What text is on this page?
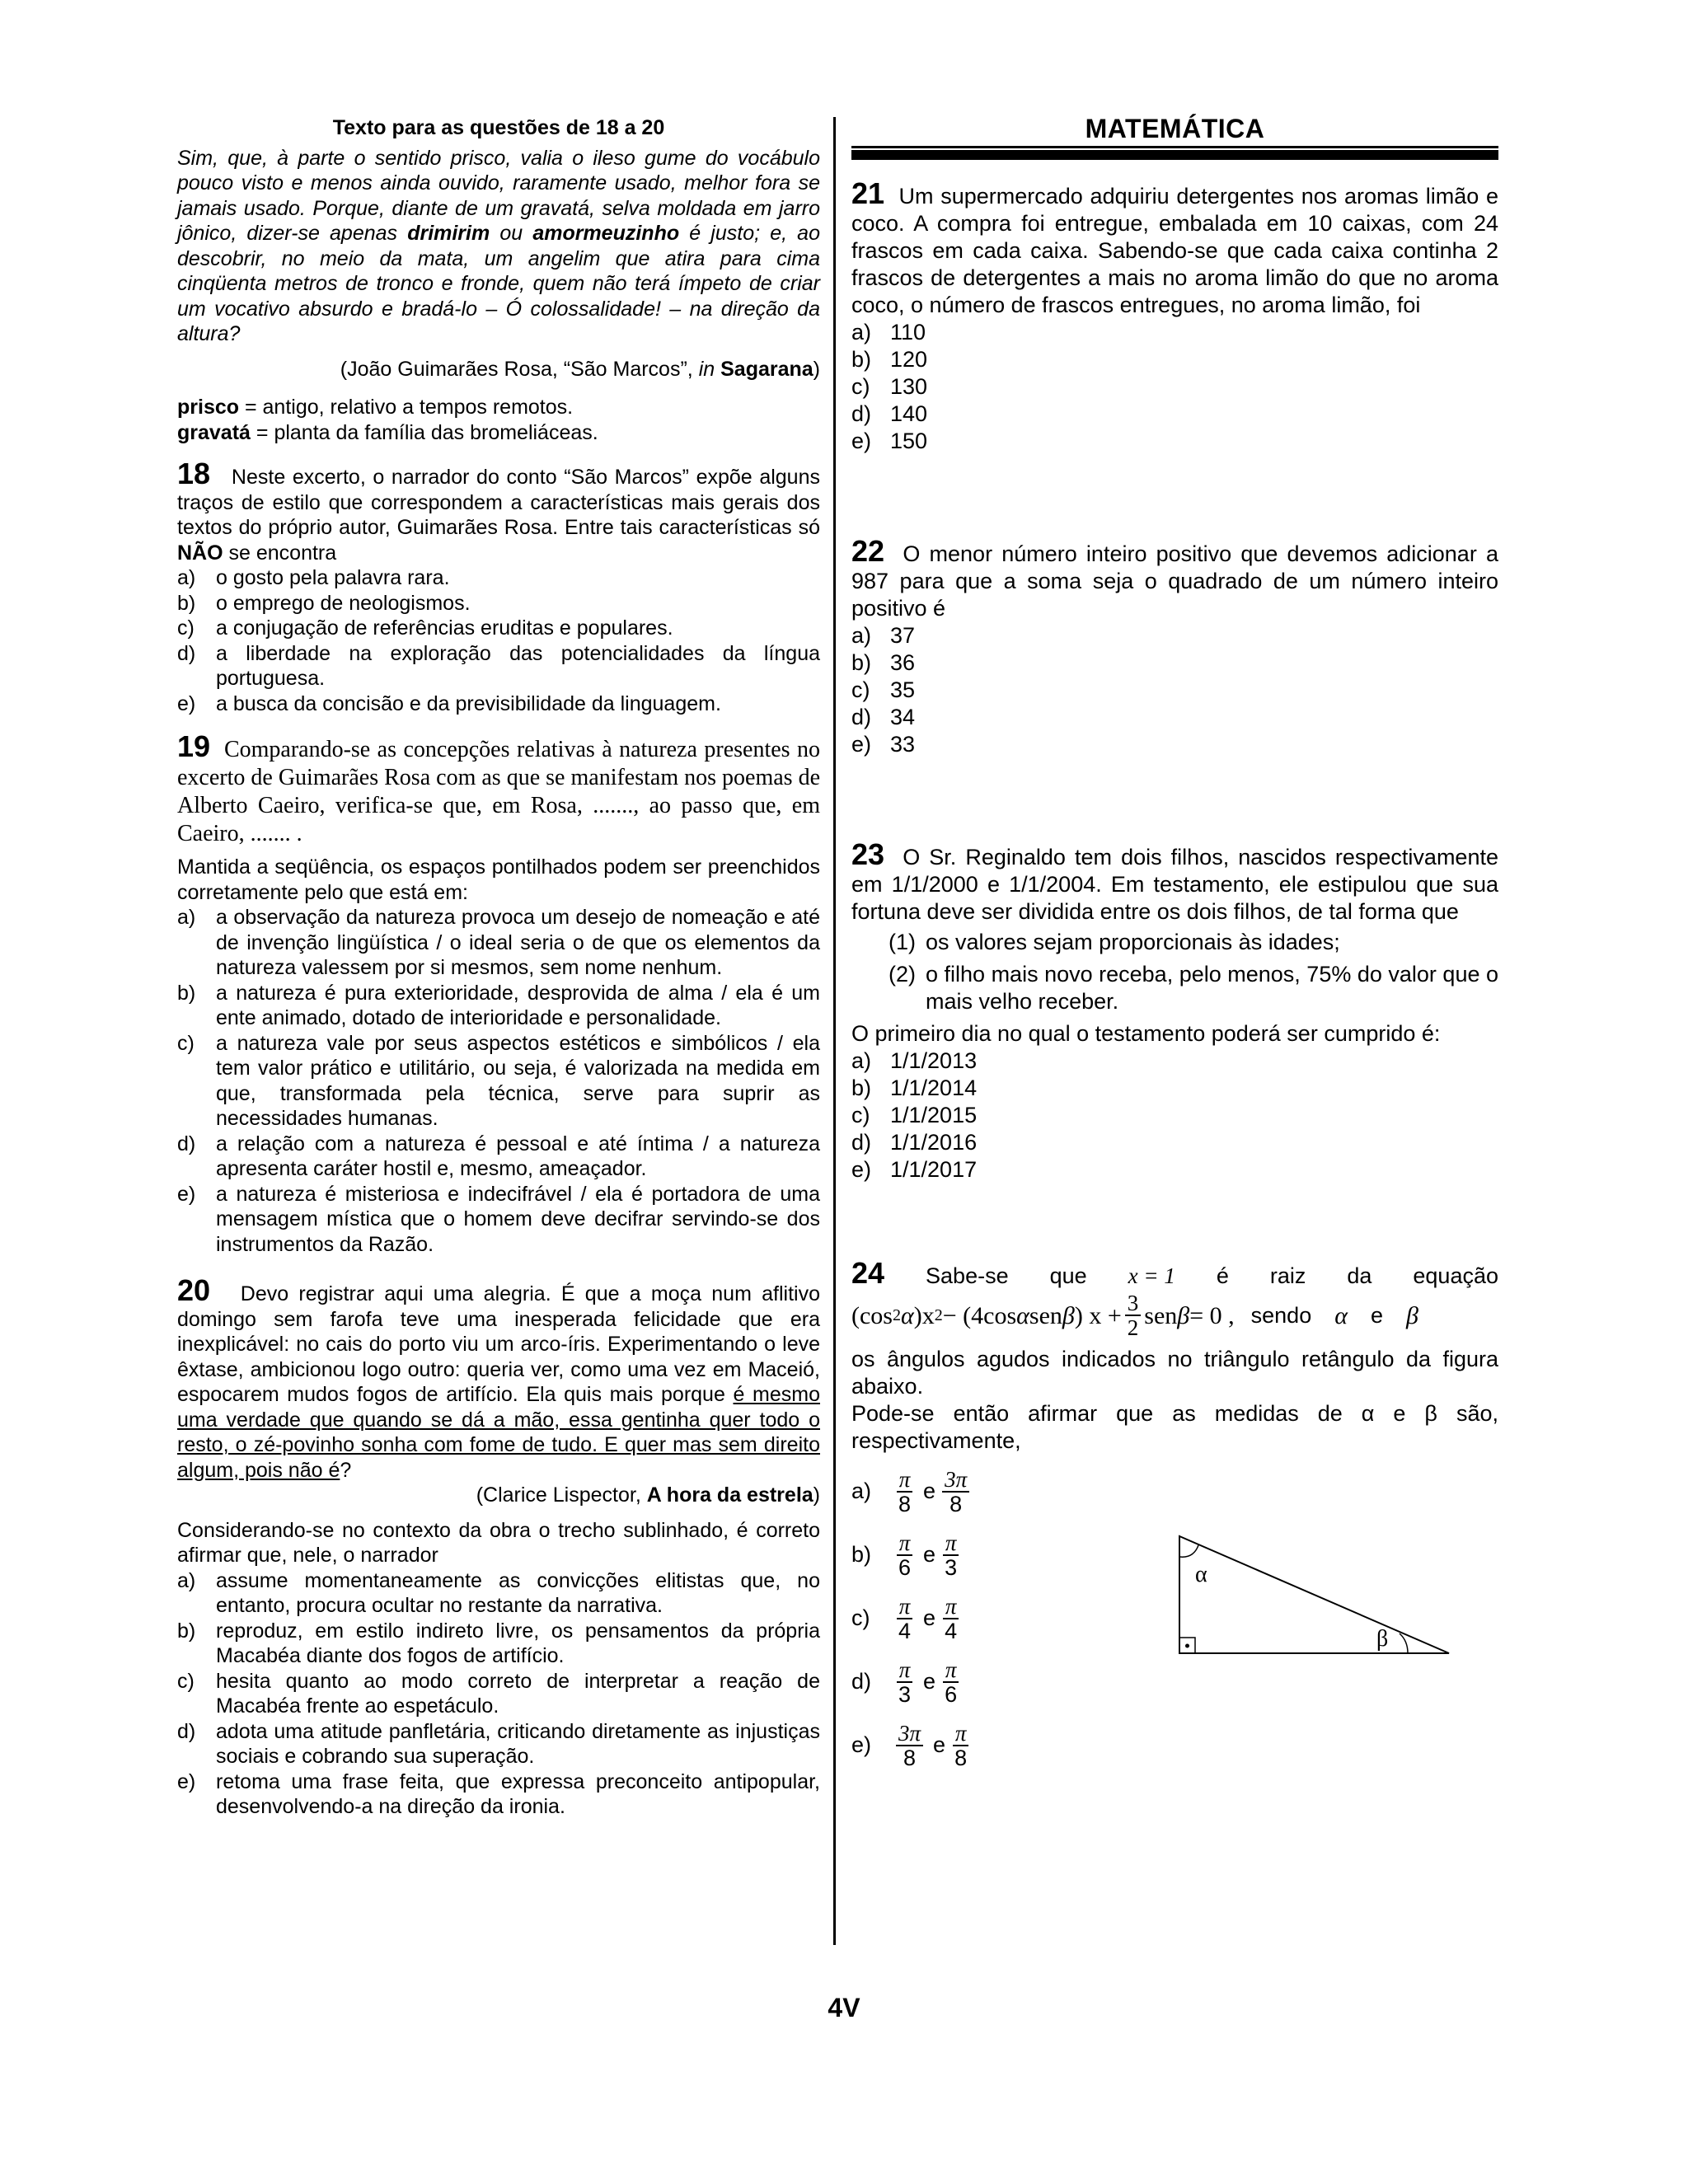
Texto para as questões de 18 a 20
Sim, que, à parte o sentido prisco, valia o ileso gume do vocábulo pouco visto e menos ainda ouvido, raramente usado, melhor fora se jamais usado. Porque, diante de um gravatá, selva moldada em jarro jônico, dizer-se apenas drimirim ou amormeuzinho é justo; e, ao descobrir, no meio da mata, um angelim que atira para cima cinqüenta metros de tronco e fronde, quem não terá ímpeto de criar um vocativo absurdo e bradá-lo – Ó colossalidade! – na direção da altura?
(João Guimarães Rosa, “São Marcos”, in Sagarana)
prisco = antigo, relativo a tempos remotos.
gravatá = planta da família das bromeliáceas.
18 Neste excerto, o narrador do conto “São Marcos” expõe alguns traços de estilo que correspondem a características mais gerais dos textos do próprio autor, Guimarães Rosa. Entre tais características só NÃO se encontra
a) o gosto pela palavra rara.
b) o emprego de neologismos.
c) a conjugação de referências eruditas e populares.
d) a liberdade na exploração das potencialidades da língua portuguesa.
e) a busca da concisão e da previsibilidade da linguagem.
19 Comparando-se as concepções relativas à natureza presentes no excerto de Guimarães Rosa com as que se manifestam nos poemas de Alberto Caeiro, verifica-se que, em Rosa, ......., ao passo que, em Caeiro, ....... .
Mantida a seqüência, os espaços pontilhados podem ser preenchidos corretamente pelo que está em:
a) a observação da natureza provoca um desejo de nomeação e até de invenção lingüística / o ideal seria o de que os elementos da natureza valessem por si mesmos, sem nome nenhum.
b) a natureza é pura exterioridade, desprovida de alma / ela é um ente animado, dotado de interioridade e personalidade.
c) a natureza vale por seus aspectos estéticos e simbólicos / ela tem valor prático e utilitário, ou seja, é valorizada na medida em que, transformada pela técnica, serve para suprir as necessidades humanas.
d) a relação com a natureza é pessoal e até íntima / a natureza apresenta caráter hostil e, mesmo, ameaçador.
e) a natureza é misteriosa e indecifrável / ela é portadora de uma mensagem mística que o homem deve decifrar servindo-se dos instrumentos da Razão.
20 Devo registrar aqui uma alegria. É que a moça num aflitivo domingo sem farofa teve uma inesperada felicidade que era inexplicável: no cais do porto viu um arco-íris. Experimentando o leve êxtase, ambicionou logo outro: queria ver, como uma vez em Maceió, espocarem mudos fogos de artifício. Ela quis mais porque é mesmo uma verdade que quando se dá a mão, essa gentinha quer todo o resto, o zé-povinho sonha com fome de tudo. E quer mas sem direito algum, pois não é?
(Clarice Lispector, A hora da estrela)
Considerando-se no contexto da obra o trecho sublinhado, é correto afirmar que, nele, o narrador
a) assume momentaneamente as convicções elitistas que, no entanto, procura ocultar no restante da narrativa.
b) reproduz, em estilo indireto livre, os pensamentos da própria Macabéa diante dos fogos de artifício.
c) hesita quanto ao modo correto de interpretar a reação de Macabéa frente ao espetáculo.
d) adota uma atitude panfletária, criticando diretamente as injustiças sociais e cobrando sua superação.
e) retoma uma frase feita, que expressa preconceito antipopular, desenvolvendo-a na direção da ironia.
MATEMÁTICA
21 Um supermercado adquiriu detergentes nos aromas limão e coco. A compra foi entregue, embalada em 10 caixas, com 24 frascos em cada caixa. Sabendo-se que cada caixa continha 2 frascos de detergentes a mais no aroma limão do que no aroma coco, o número de frascos entregues, no aroma limão, foi
a) 110
b) 120
c) 130
d) 140
e) 150
22 O menor número inteiro positivo que devemos adicionar a 987 para que a soma seja o quadrado de um número inteiro positivo é
a) 37
b) 36
c) 35
d) 34
e) 33
23 O Sr. Reginaldo tem dois filhos, nascidos respectivamente em 1/1/2000 e 1/1/2004. Em testamento, ele estipulou que sua fortuna deve ser dividida entre os dois filhos, de tal forma que
(1) os valores sejam proporcionais às idades;
(2) o filho mais novo receba, pelo menos, 75% do valor que o mais velho receber.
O primeiro dia no qual o testamento poderá ser cumprido é:
a) 1/1/2013
b) 1/1/2014
c) 1/1/2015
d) 1/1/2016
e) 1/1/2017
24 Sabe-se que x = 1 é raiz da equação
(cos 2 α )x 2 − (4cos α sen β ) $x + \frac{3}{2}$ sen β = 0 , sendo α e β
os ângulos agudos indicados no triângulo retângulo da figura abaixo.
Pode-se então afirmar que as medidas de α e β são, respectivamente,
a)	$\frac{\pi}{8}$ e $\frac{3\pi}{8}$
b)	$\frac{\pi}{6}$ e $\frac{\pi}{3}$
c)	$\frac{\pi}{4}$ e $\frac{\pi}{4}$
d)	$\frac{\pi}{3}$ e $\frac{\pi}{6}$
e)	$\frac{3\pi}{8}$ e $\frac{\pi}{8}$
α
β
4V
